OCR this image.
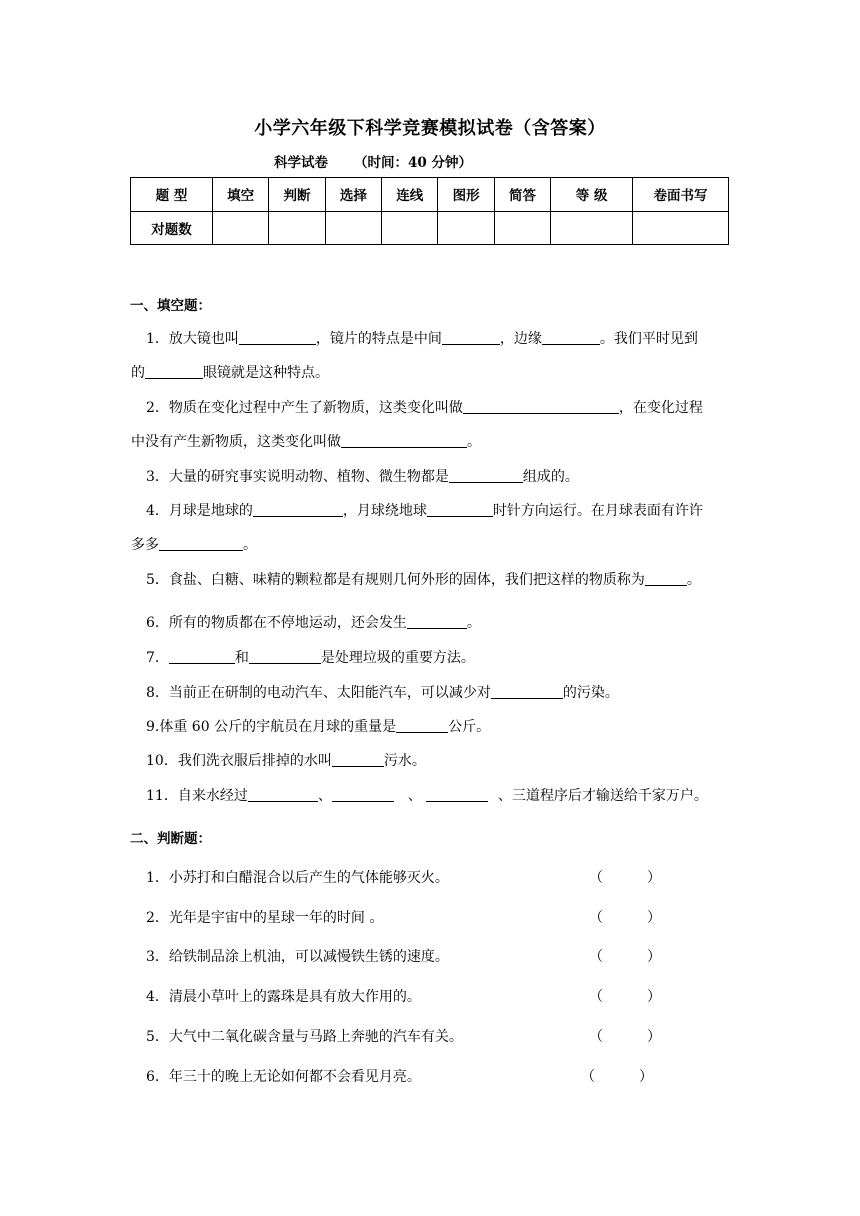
小学六年级下科学竞赛模拟试卷（含答案）
科学试卷 （时间：40 分钟）
题 型	填空	判断	选择	连线	图形	简答	等 级	卷面书写
对题数								
一、填空题：
1．放大镜也叫	，镜片的特点是中间	，边缘	。我们平时见到
的	眼镜就是这种特点。
2．物质在变化过程中产生了新物质，这类变化叫做	，在变化过程
中没有产生新物质，这类变化叫做	。
3．大量的研究事实说明动物、植物、微生物都是	组成的。
4．月球是地球的	，月球绕地球	时针方向运行。在月球表面有许许
多多	。
5．食盐、白糖、味精的颗粒都是有规则几何外形的固体，我们把这样的物质称为	。
6．所有的物质都在不停地运动，还会发生	。
7．	和	是处理垃圾的重要方法。
8．当前正在研制的电动汽车、太阳能汽车，可以减少对	的污染。
9.体重 60 公斤的宇航员在月球的重量是	公斤。
10．我们洗衣服后排掉的水叫	污水。
11．自来水经过	、	、	、三道程序后才输送给千家万户。
二、判断题：
1．小苏打和白醋混合以后产生的气体能够灭火。	（	）
2．光年是宇宙中的星球一年的时间 。	（	）
3．给铁制品涂上机油，可以减慢铁生锈的速度。	（	）
4．清晨小草叶上的露珠是具有放大作用的。	（	）
5．大气中二氧化碳含量与马路上奔驰的汽车有关。	（	）
6．年三十的晚上无论如何都不会看见月亮。	（	）
